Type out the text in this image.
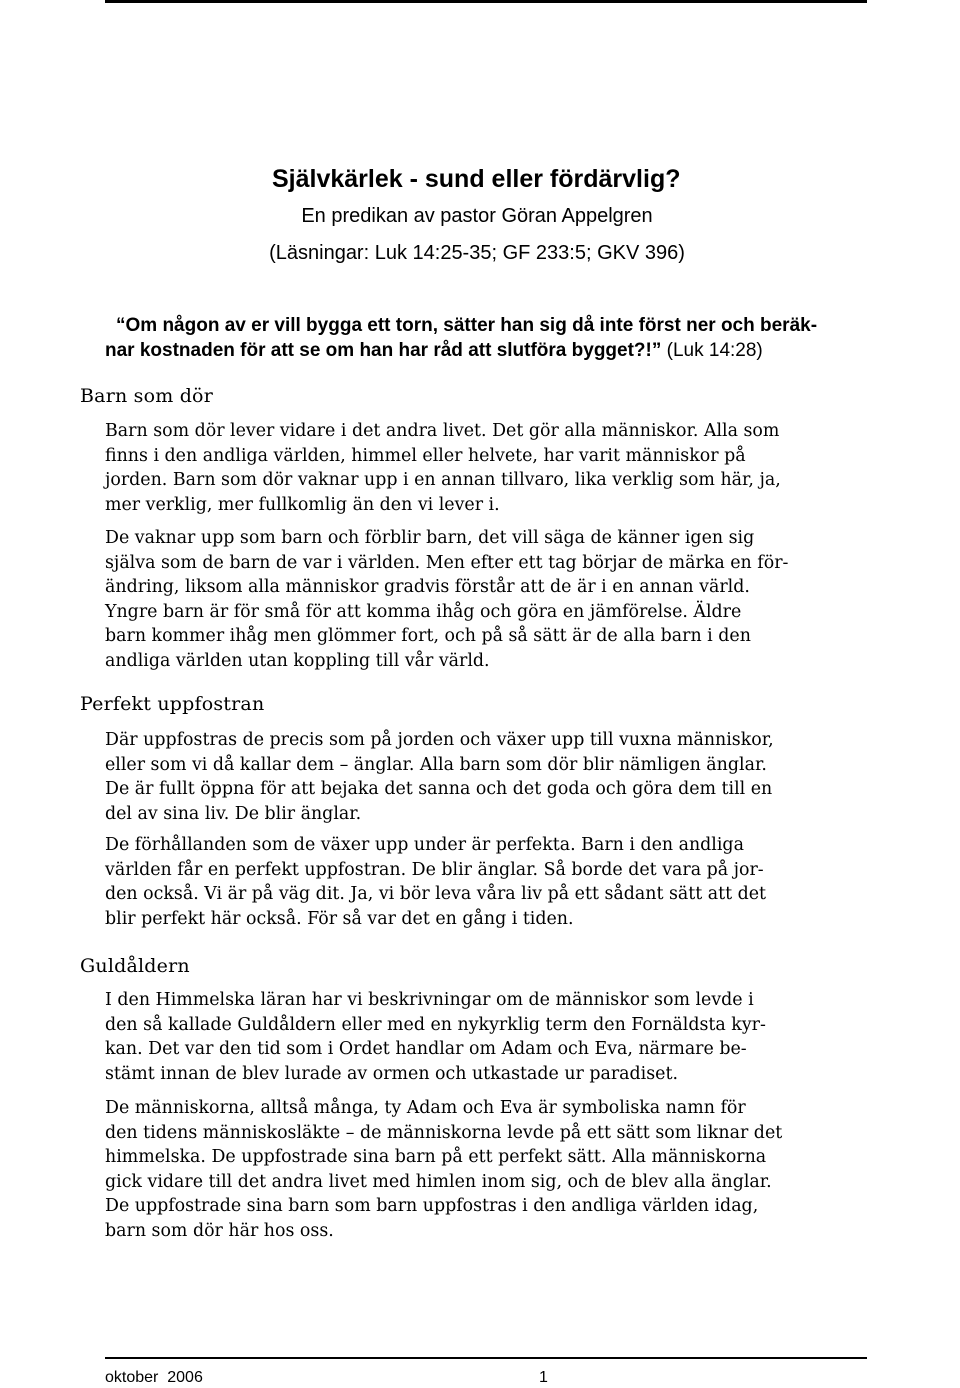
Självkärlek - sund eller fördärvlig?
En predikan av pastor Göran Appelgren
(Läsningar: Luk 14:25-35; GF 233:5; GKV 396)
“Om någon av er vill bygga ett torn, sätter han sig då inte först ner och beräk-
nar kostnaden för att se om han har råd att slutföra bygget?!” (Luk 14:28)
Barn som dör
Barn som dör lever vidare i det andra livet. Det gör alla människor. Alla som
finns i den andliga världen, himmel eller helvete, har varit människor på
jorden. Barn som dör vaknar upp i en annan tillvaro, lika verklig som här, ja,
mer verklig, mer fullkomlig än den vi lever i.
De vaknar upp som barn och förblir barn, det vill säga de känner igen sig
själva som de barn de var i världen. Men efter ett tag börjar de märka en för-
ändring, liksom alla människor gradvis förstår att de är i en annan värld.
Yngre barn är för små för att komma ihåg och göra en jämförelse. Äldre
barn kommer ihåg men glömmer fort, och på så sätt är de alla barn i den
andliga världen utan koppling till vår värld.
Perfekt uppfostran
Där uppfostras de precis som på jorden och växer upp till vuxna människor,
eller som vi då kallar dem – änglar. Alla barn som dör blir nämligen änglar.
De är fullt öppna för att bejaka det sanna och det goda och göra dem till en
del av sina liv. De blir änglar.
De förhållanden som de växer upp under är perfekta. Barn i den andliga
världen får en perfekt uppfostran. De blir änglar. Så borde det vara på jor-
den också. Vi är på väg dit. Ja, vi bör leva våra liv på ett sådant sätt att det
blir perfekt här också. För så var det en gång i tiden.
Guldåldern
I den Himmelska läran har vi beskrivningar om de människor som levde i
den så kallade Guldåldern eller med en nykyrklig term den Fornäldsta kyr-
kan. Det var den tid som i Ordet handlar om Adam och Eva, närmare be-
stämt innan de blev lurade av ormen och utkastade ur paradiset.
De människorna, alltså många, ty Adam och Eva är symboliska namn för
den tidens människosläkte – de människorna levde på ett sätt som liknar det
himmelska. De uppfostrade sina barn på ett perfekt sätt. Alla människorna
gick vidare till det andra livet med himlen inom sig, och de blev alla änglar.
De uppfostrade sina barn som barn uppfostras i den andliga världen idag,
barn som dör här hos oss.
oktober  2006	1
